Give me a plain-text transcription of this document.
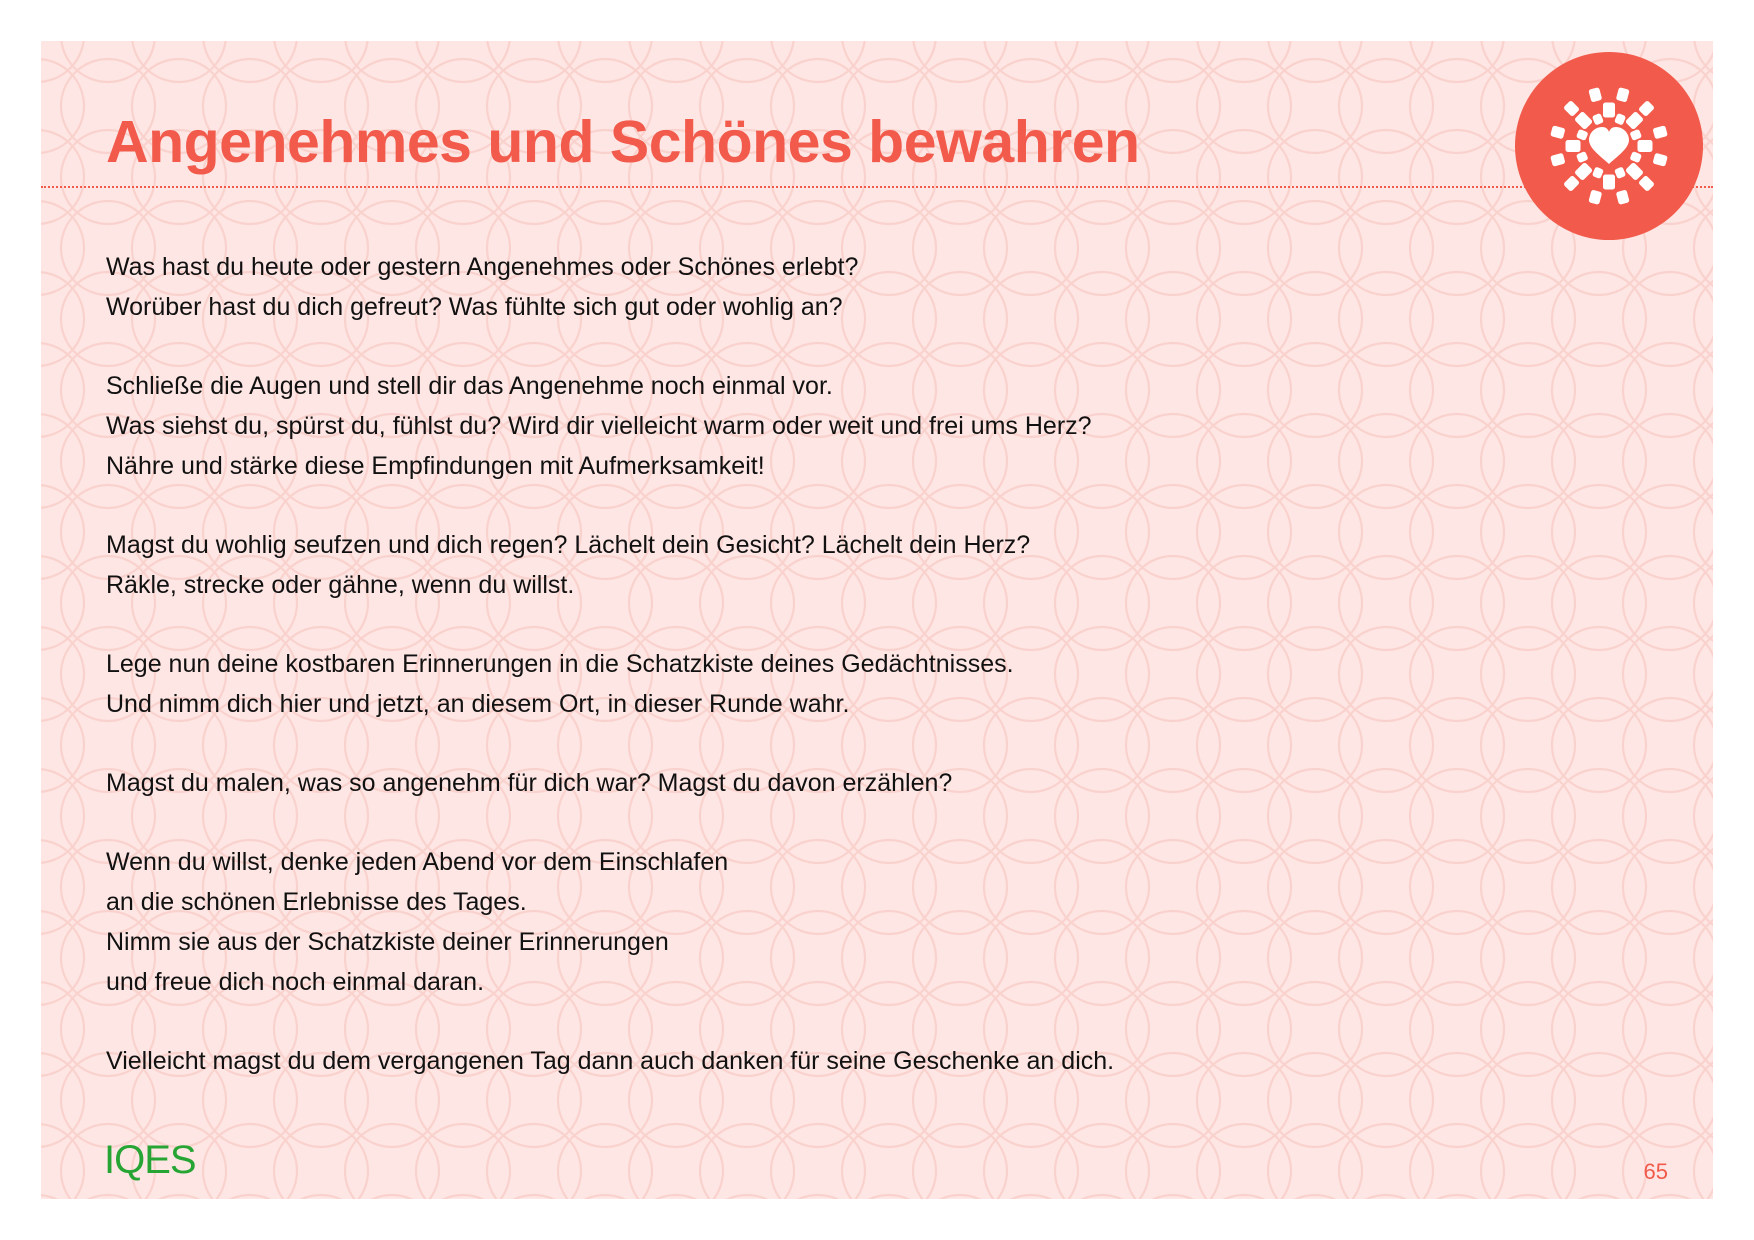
Angenehmes und Schönes bewahren
Was hast du heute oder gestern Angenehmes oder Schönes erlebt?
Worüber hast du dich gefreut? Was fühlte sich gut oder wohlig an?
Schließe die Augen und stell dir das Angenehme noch einmal vor.
Was siehst du, spürst du, fühlst du? Wird dir vielleicht warm oder weit und frei ums Herz?
Nähre und stärke diese Empfindungen mit Aufmerksamkeit!
Magst du wohlig seufzen und dich regen? Lächelt dein Gesicht? Lächelt dein Herz?
Räkle, strecke oder gähne, wenn du willst.
Lege nun deine kostbaren Erinnerungen in die Schatzkiste deines Gedächtnisses.
Und nimm dich hier und jetzt, an diesem Ort, in dieser Runde wahr.
Magst du malen, was so angenehm für dich war? Magst du davon erzählen?
Wenn du willst, denke jeden Abend vor dem Einschlafen
an die schönen Erlebnisse des Tages.
Nimm sie aus der Schatzkiste deiner Erinnerungen
und freue dich noch einmal daran.
Vielleicht magst du dem vergangenen Tag dann auch danken für seine Geschenke an dich.
IQES	65
